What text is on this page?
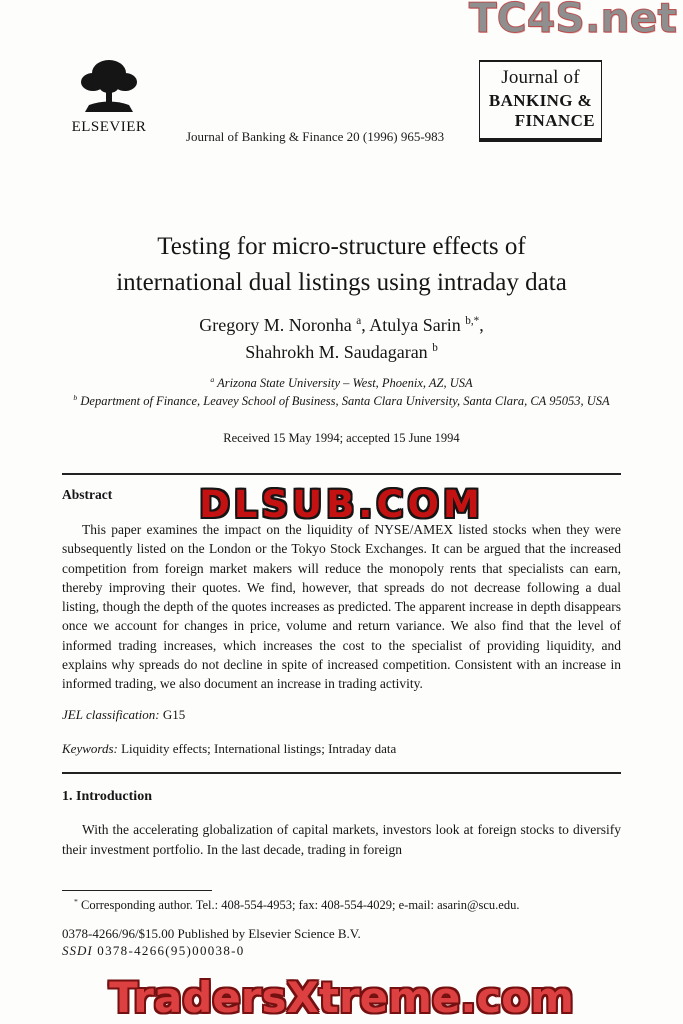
TC4S.net
DLSUB.COM
TradersXtreme.com
ELSEVIER
Journal of Banking & Finance 20 (1996) 965-983
Journal of
BANKING &
FINANCE
Testing for micro-structure effects of
international dual listings using intraday data
Gregory M. Noronha $^a$, Atulya Sarin $^{b,*}$,
Shahrokh M. Saudagaran $^b$
$^a$ Arizona State University – West, Phoenix, AZ, USA
$^b$ Department of Finance, Leavey School of Business, Santa Clara University, Santa Clara, CA 95053, USA
Received 15 May 1994; accepted 15 June 1994
Abstract

This paper examines the impact on the liquidity of NYSE/AMEX listed stocks when they were subsequently listed on the London or the Tokyo Stock Exchanges. It can be argued that the increased competition from foreign market makers will reduce the monopoly rents that specialists can earn, thereby improving their quotes. We find, however, that spreads do not decrease following a dual listing, though the depth of the quotes increases as predicted. The apparent increase in depth disappears once we account for changes in price, volume and return variance. We also find that the level of informed trading increases, which increases the cost to the specialist of providing liquidity, and explains why spreads do not decline in spite of increased competition. Consistent with an increase in informed trading, we also document an increase in trading activity.

JEL classification: G15
Keywords: Liquidity effects; International listings; Intraday data
1. Introduction

With the accelerating globalization of capital markets, investors look at foreign stocks to diversify their investment portfolio. In the last decade, trading in foreign

* Corresponding author. Tel.: 408-554-4953; fax: 408-554-4029; e-mail: asarin@scu.edu.
0378-4266/96/$15.00 Published by Elsevier Science B.V.
SSDI 0378-4266(95)00038-0
